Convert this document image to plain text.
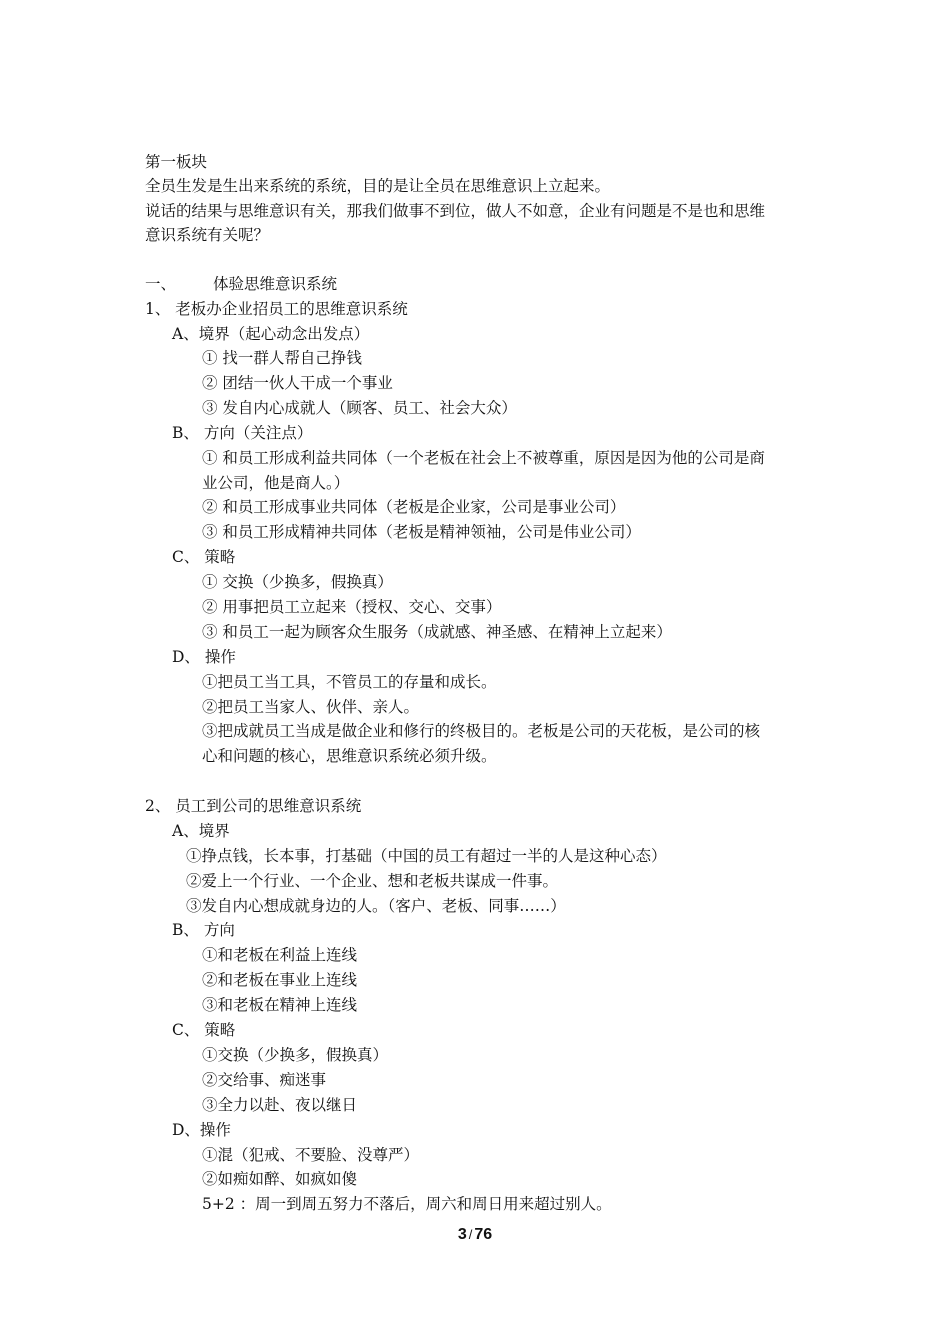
第一板块
全员生发是生出来系统的系统，目的是让全员在思维意识上立起来。
说话的结果与思维意识有关，那我们做事不到位，做人不如意，企业有问题是不是也和思维
意识系统有关呢？
一、 体验思维意识系统
1、 老板办企业招员工的思维意识系统
A、境界（起心动念出发点）
① 找一群人帮自己挣钱
② 团结一伙人干成一个事业
③ 发自内心成就人（顾客、员工、社会大众）
B、 方向（关注点）
① 和员工形成利益共同体（一个老板在社会上不被尊重，原因是因为他的公司是商
业公司，他是商人。）
② 和员工形成事业共同体（老板是企业家，公司是事业公司）
③ 和员工形成精神共同体（老板是精神领袖，公司是伟业公司）
C、 策略
① 交换（少换多，假换真）
② 用事把员工立起来（授权、交心、交事）
③ 和员工一起为顾客众生服务（成就感、神圣感、在精神上立起来）
D、 操作
①把员工当工具，不管员工的存量和成长。
②把员工当家人、伙伴、亲人。
③把成就员工当成是做企业和修行的终极目的。老板是公司的天花板，是公司的核
心和问题的核心，思维意识系统必须升级。
2、 员工到公司的思维意识系统
A、境界
①挣点钱，长本事，打基础（中国的员工有超过一半的人是这种心态）
②爱上一个行业、一个企业、想和老板共谋成一件事。
③发自内心想成就身边的人。（客户、老板、同事……）
B、 方向
①和老板在利益上连线
②和老板在事业上连线
③和老板在精神上连线
C、 策略
①交换（少换多，假换真）
②交给事、痴迷事
③全力以赴、夜以继日
D、操作
①混（犯戒、不要脸、没尊严）
②如痴如醉、如疯如傻
5+2 ：周一到周五努力不落后，周六和周日用来超过别人。
3 / 76
